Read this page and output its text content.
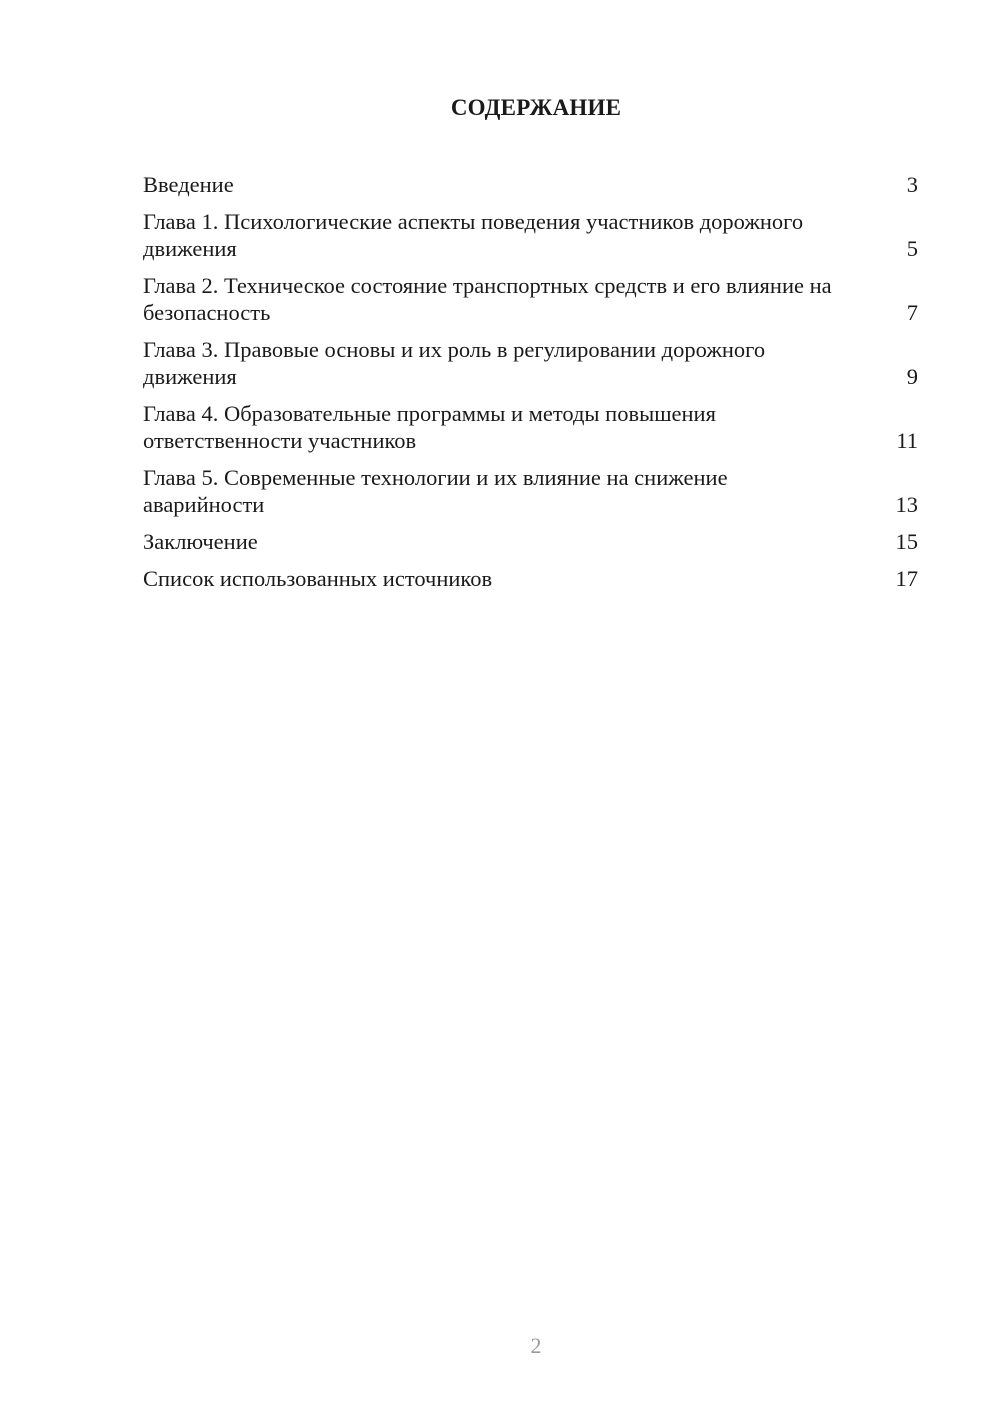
СОДЕРЖАНИЕ
Введение	3
Глава 1. Психологические аспекты поведения участников дорожного движения	5
Глава 2. Техническое состояние транспортных средств и его влияние на безопасность	7
Глава 3. Правовые основы и их роль в регулировании дорожного движения	9
Глава 4. Образовательные программы и методы повышения ответственности участников	11
Глава 5. Современные технологии и их влияние на снижение аварийности	13
Заключение	15
Список использованных источников	17
2
